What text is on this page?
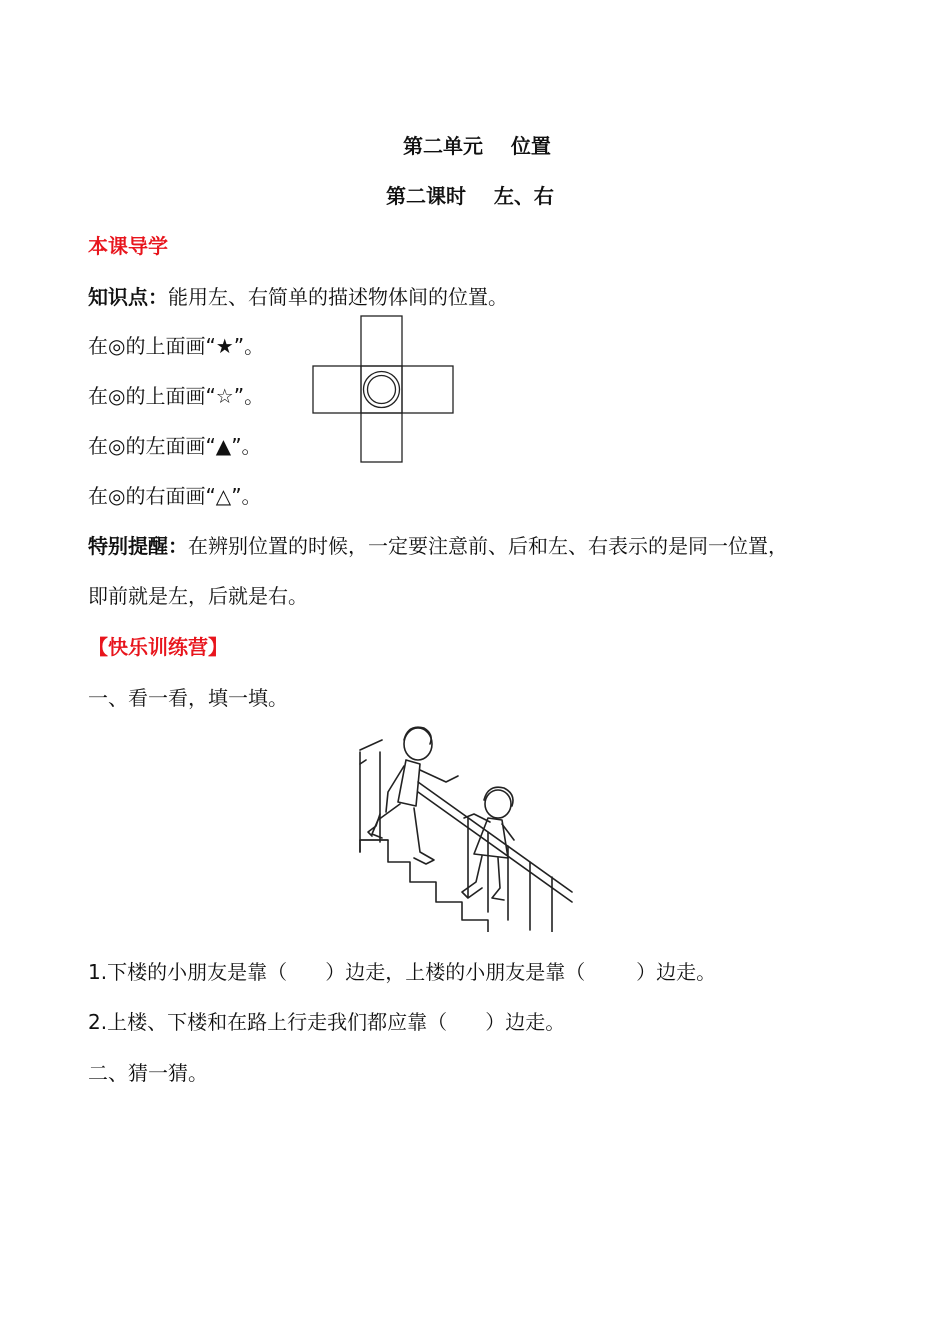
第二单元    位置
第二课时    左、右
本课导学
知识点：能用左、右简单的描述物体间的位置。
在◎的上面画“★”。
在◎的上面画“☆”。
在◎的左面画“▲”。
在◎的右面画“△”。
特别提醒：在辨别位置的时候，一定要注意前、后和左、右表示的是同一位置，
即前就是左，后就是右。
【快乐训练营】
一、看一看，填一填。
1.下楼的小朋友是靠（      ）边走，上楼的小朋友是靠（        ）边走。
2.上楼、下楼和在路上行走我们都应靠（      ）边走。
二、猜一猜。
